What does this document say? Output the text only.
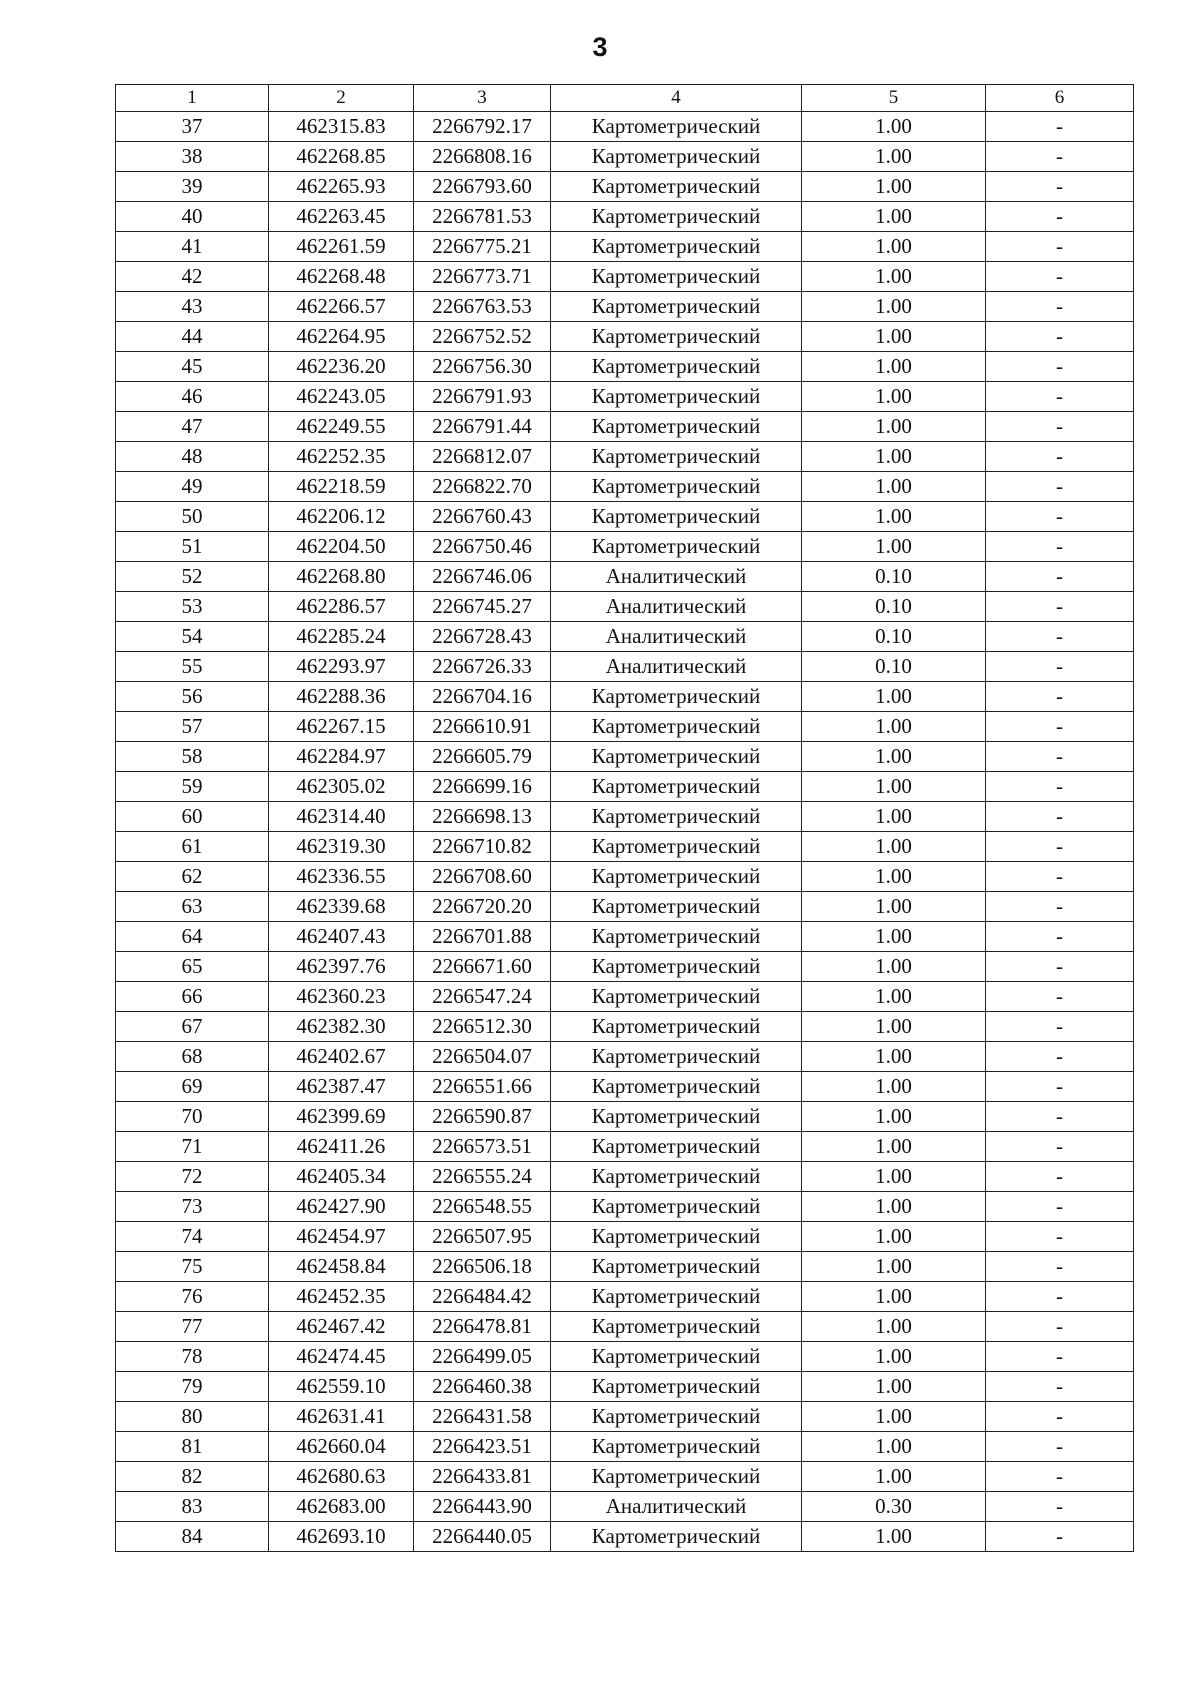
3
1	2	3	4	5	6
37	462315.83	2266792.17	Картометрический	1.00	-
38	462268.85	2266808.16	Картометрический	1.00	-
39	462265.93	2266793.60	Картометрический	1.00	-
40	462263.45	2266781.53	Картометрический	1.00	-
41	462261.59	2266775.21	Картометрический	1.00	-
42	462268.48	2266773.71	Картометрический	1.00	-
43	462266.57	2266763.53	Картометрический	1.00	-
44	462264.95	2266752.52	Картометрический	1.00	-
45	462236.20	2266756.30	Картометрический	1.00	-
46	462243.05	2266791.93	Картометрический	1.00	-
47	462249.55	2266791.44	Картометрический	1.00	-
48	462252.35	2266812.07	Картометрический	1.00	-
49	462218.59	2266822.70	Картометрический	1.00	-
50	462206.12	2266760.43	Картометрический	1.00	-
51	462204.50	2266750.46	Картометрический	1.00	-
52	462268.80	2266746.06	Аналитический	0.10	-
53	462286.57	2266745.27	Аналитический	0.10	-
54	462285.24	2266728.43	Аналитический	0.10	-
55	462293.97	2266726.33	Аналитический	0.10	-
56	462288.36	2266704.16	Картометрический	1.00	-
57	462267.15	2266610.91	Картометрический	1.00	-
58	462284.97	2266605.79	Картометрический	1.00	-
59	462305.02	2266699.16	Картометрический	1.00	-
60	462314.40	2266698.13	Картометрический	1.00	-
61	462319.30	2266710.82	Картометрический	1.00	-
62	462336.55	2266708.60	Картометрический	1.00	-
63	462339.68	2266720.20	Картометрический	1.00	-
64	462407.43	2266701.88	Картометрический	1.00	-
65	462397.76	2266671.60	Картометрический	1.00	-
66	462360.23	2266547.24	Картометрический	1.00	-
67	462382.30	2266512.30	Картометрический	1.00	-
68	462402.67	2266504.07	Картометрический	1.00	-
69	462387.47	2266551.66	Картометрический	1.00	-
70	462399.69	2266590.87	Картометрический	1.00	-
71	462411.26	2266573.51	Картометрический	1.00	-
72	462405.34	2266555.24	Картометрический	1.00	-
73	462427.90	2266548.55	Картометрический	1.00	-
74	462454.97	2266507.95	Картометрический	1.00	-
75	462458.84	2266506.18	Картометрический	1.00	-
76	462452.35	2266484.42	Картометрический	1.00	-
77	462467.42	2266478.81	Картометрический	1.00	-
78	462474.45	2266499.05	Картометрический	1.00	-
79	462559.10	2266460.38	Картометрический	1.00	-
80	462631.41	2266431.58	Картометрический	1.00	-
81	462660.04	2266423.51	Картометрический	1.00	-
82	462680.63	2266433.81	Картометрический	1.00	-
83	462683.00	2266443.90	Аналитический	0.30	-
84	462693.10	2266440.05	Картометрический	1.00	-
